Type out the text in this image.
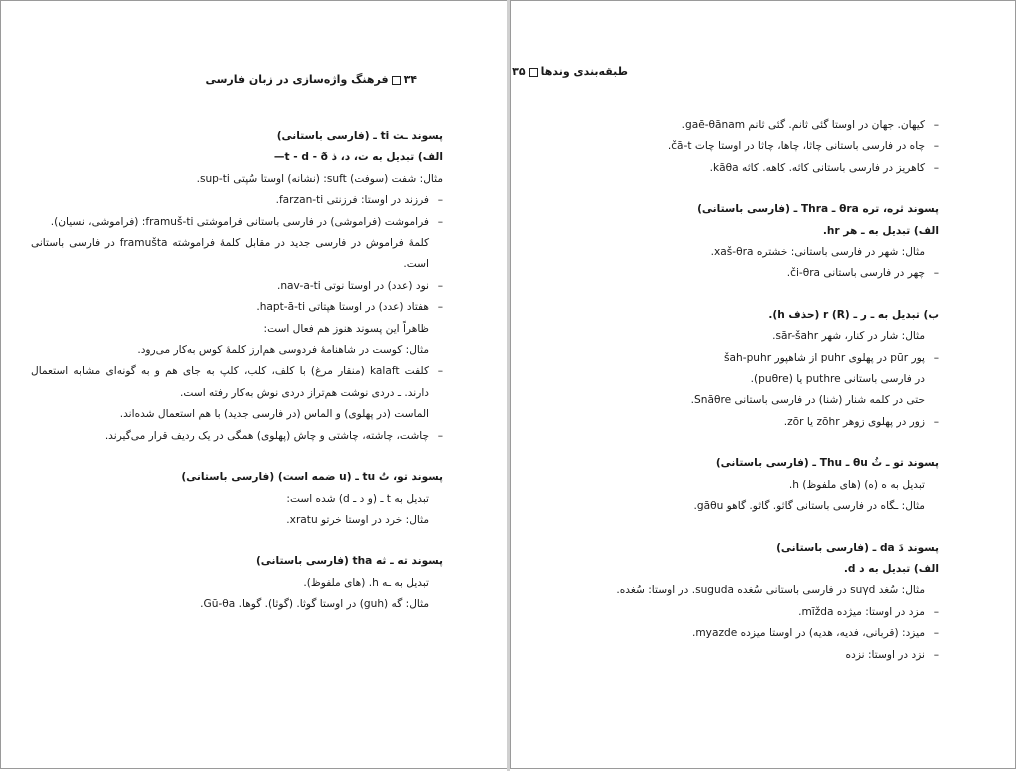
۳۴فرهنگ واژه‌سازی در زبان فارسی
پسوند ـت ti ـ (فارسی باستانی)
الف) تبدیل به ت، د، ذ t - d - ð—
مثال: شفت (سوفت) suft: (نشانه) اوستا سُپتی sup-ti.
– فرزند در اوستا: فرزنتی farzan-ti.
– فراموشت (فراموشی) در فارسی باستانی فراموشتی framuš-ti: (فراموشی، نسیان).
کلمهٔ فراموش در فارسی جدید در مقابل کلمهٔ فراموشته framušta در فارسی باستانی است.
– نود (عدد) در اوستا نوتی nav-a-ti.
– هفتاد (عدد) در اوستا هپتاتی hapt-ā-ti.
ظاهراً این پسوند هنوز هم فعال است:
مثال: کوست در شاهنامهٔ فردوسی هم‌ارز کلمهٔ کوس به‌کار می‌رود.
– کلفت kalaft (منقار مرغ) با کلف، کلب، کلپ به جای هم و به گونه‌ای مشابه استعمال دارند. ـ دردی نوشت هم‌تراز دردی نوش به‌کار رفته است.
الماست (در پهلوی) و الماس (در فارسی جدید) با هم استعمال شده‌اند.
– چاشت، چاشته، چاشتی و چاش (پهلوی) همگی در یک ردیف قرار می‌گیرند.
پسوند تو، تُ tu ـ (u ضمه است) (فارسی باستانی)
تبدیل به t ـ (و د ـ d) شده است:
مثال: خرد در اوستا خرتو xratu.
پسوند ته ـ ثه tha (فارسی باستانی)
تبدیل به ـه h. (های ملفوظ).
مثال: گه (guh) در اوستا گوثا. (گوثا). گوها. Gū-θa.
طبقه‌بندی وندها۳۵
– کیهان. جهان در اوستا گئی ثانم. گئی ثانم gaē-θānam.
– چاه در فارسی باستانی چاثا، چاها، چاثا در اوستا چات čā-t.
– کاهریز در فارسی باستانی کاثه. کاهه. کاثه kāθa.
پسوند ثره، تره θra ـ Thra ـ (فارسی باستانی)
الف) تبدیل به ـ هر hr.
مثال: شهر در فارسی باستانی: خشتره xaš-θra.
– چهر در فارسی باستانی či-θra.
ب) تبدیل به ـ ر ـ r (R) (حذف h).
مثال: شار در کنار، شهر sār-šahr.
– پور pūr در پهلوی puhr از شاهپور šah-puhr
در فارسی باستانی puthre یا (puθre).
حتی در کلمه شنار (شنا) در فارسی باستانی Snāθre.
– زور در پهلوی زوهر zōhr یا zōr.
پسوند تو ـ ثُ θu ـ Thu ـ (فارسی باستانی)
تبدیل به ه (ه) (های ملفوظ) h.
مثال: ـگاه در فارسی باستانی گاثو. گاثو. گاهو gāθu.
پسوند دَ da ـ (فارسی باستانی)
الف) تبدیل به د d.
مثال: سُغد suγd در فارسی باستانی سُغده suguda. در اوستا: سُغده.
– مزد در اوستا: میژده mīžda.
– میزد: (قربانی، فدیه، هدیه) در اوستا میزده myazde.
– نزد در اوستا: نزده
